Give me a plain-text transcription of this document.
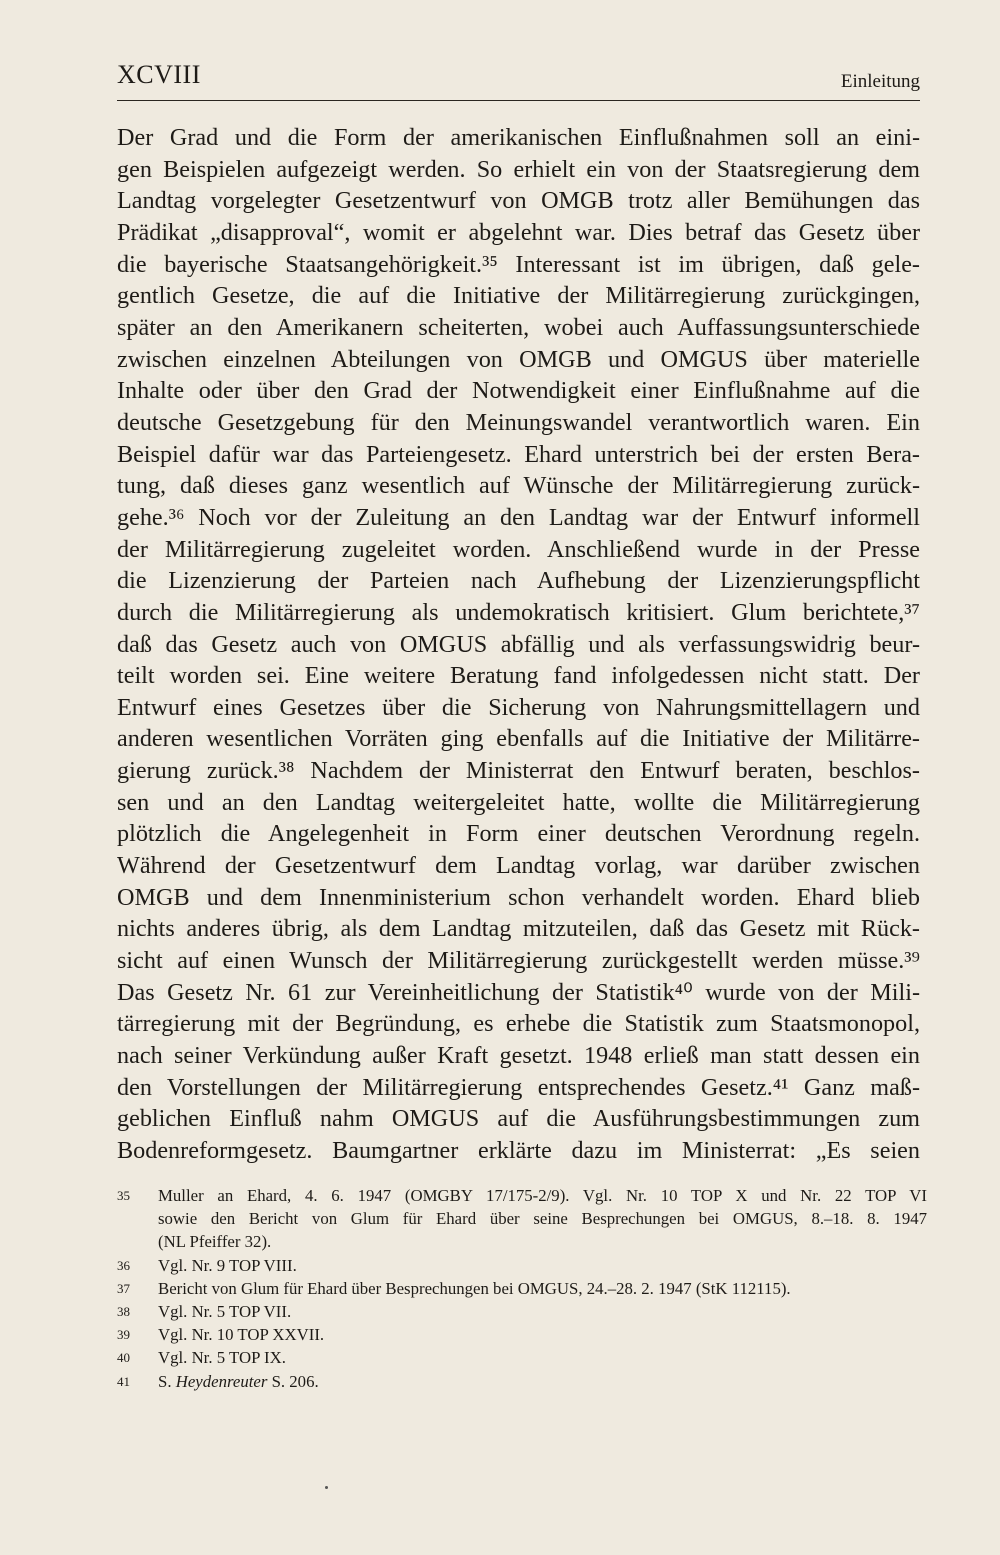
XCVIII	Einleitung
Der Grad und die Form der amerikanischen Einflußnahmen soll an eini-
gen Beispielen aufgezeigt werden. So erhielt ein von der Staatsregierung dem
Landtag vorgelegter Gesetzentwurf von OMGB trotz aller Bemühungen das
Prädikat „disapproval“, womit er abgelehnt war. Dies betraf das Gesetz über
die bayerische Staatsangehörigkeit.³⁵ Interessant ist im übrigen, daß gele-
gentlich Gesetze, die auf die Initiative der Militärregierung zurückgingen,
später an den Amerikanern scheiterten, wobei auch Auffassungsunterschiede
zwischen einzelnen Abteilungen von OMGB und OMGUS über materielle
Inhalte oder über den Grad der Notwendigkeit einer Einflußnahme auf die
deutsche Gesetzgebung für den Meinungswandel verantwortlich waren. Ein
Beispiel dafür war das Parteiengesetz. Ehard unterstrich bei der ersten Bera-
tung, daß dieses ganz wesentlich auf Wünsche der Militärregierung zurück-
gehe.³⁶ Noch vor der Zuleitung an den Landtag war der Entwurf informell
der Militärregierung zugeleitet worden. Anschließend wurde in der Presse
die Lizenzierung der Parteien nach Aufhebung der Lizenzierungspflicht
durch die Militärregierung als undemokratisch kritisiert. Glum berichtete,³⁷
daß das Gesetz auch von OMGUS abfällig und als verfassungswidrig beur-
teilt worden sei. Eine weitere Beratung fand infolgedessen nicht statt. Der
Entwurf eines Gesetzes über die Sicherung von Nahrungsmittellagern und
anderen wesentlichen Vorräten ging ebenfalls auf die Initiative der Militärre-
gierung zurück.³⁸ Nachdem der Ministerrat den Entwurf beraten, beschlos-
sen und an den Landtag weitergeleitet hatte, wollte die Militärregierung
plötzlich die Angelegenheit in Form einer deutschen Verordnung regeln.
Während der Gesetzentwurf dem Landtag vorlag, war darüber zwischen
OMGB und dem Innenministerium schon verhandelt worden. Ehard blieb
nichts anderes übrig, als dem Landtag mitzuteilen, daß das Gesetz mit Rück-
sicht auf einen Wunsch der Militärregierung zurückgestellt werden müsse.³⁹
Das Gesetz Nr. 61 zur Vereinheitlichung der Statistik⁴⁰ wurde von der Mili-
tärregierung mit der Begründung, es erhebe die Statistik zum Staatsmonopol,
nach seiner Verkündung außer Kraft gesetzt. 1948 erließ man statt dessen ein
den Vorstellungen der Militärregierung entsprechendes Gesetz.⁴¹ Ganz maß-
geblichen Einfluß nahm OMGUS auf die Ausführungsbestimmungen zum
Bodenreformgesetz. Baumgartner erklärte dazu im Ministerrat: „Es seien
35 Muller an Ehard, 4. 6. 1947 (OMGBY 17/175-2/9). Vgl. Nr. 10 TOP X und Nr. 22 TOP VI
sowie den Bericht von Glum für Ehard über seine Besprechungen bei OMGUS, 8.–18. 8. 1947
(NL Pfeiffer 32).
36 Vgl. Nr. 9 TOP VIII.
37 Bericht von Glum für Ehard über Besprechungen bei OMGUS, 24.–28. 2. 1947 (StK 112115).
38 Vgl. Nr. 5 TOP VII.
39 Vgl. Nr. 10 TOP XXVII.
40 Vgl. Nr. 5 TOP IX.
41 S. Heydenreuter S. 206.
